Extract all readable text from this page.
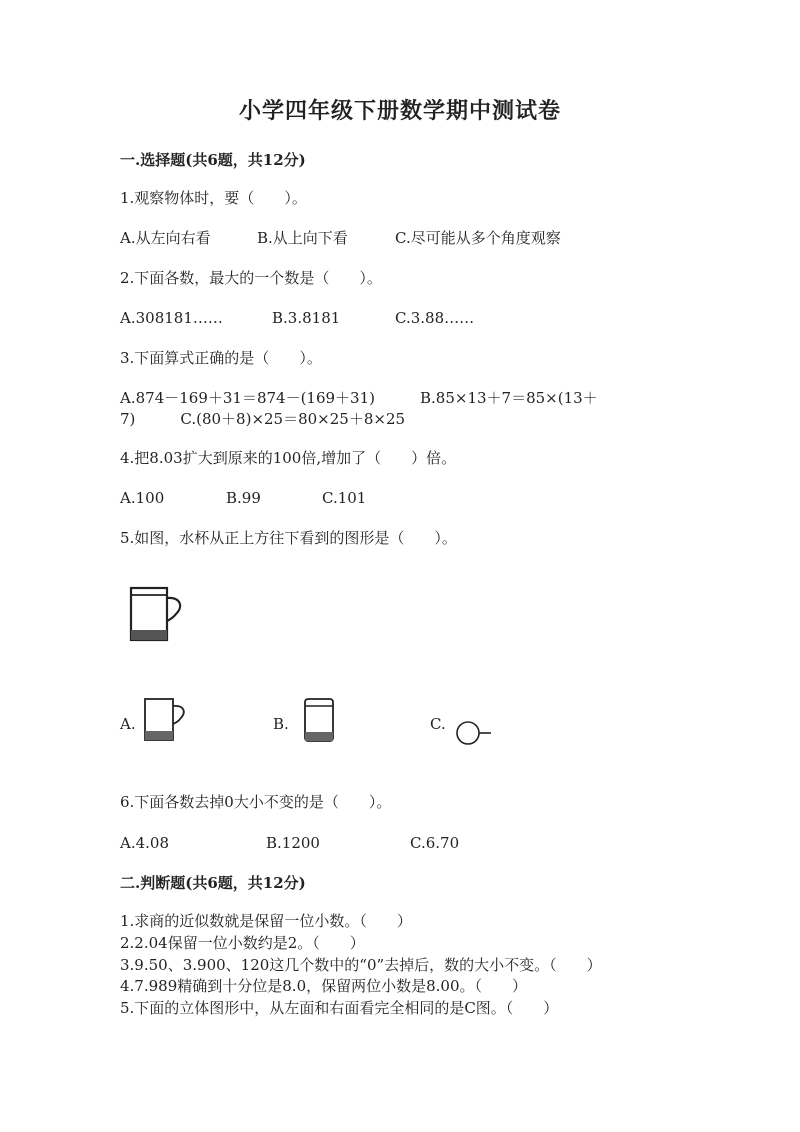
小学四年级下册数学期中测试卷
一.选择题(共6题，共12分)
1.观察物体时，要（　　）。
A.从左向右看	B.从上向下看	C.尽可能从多个角度观察
2.下面各数，最大的一个数是（　　）。
A.308181……	B.3.8181	C.3.88……
3.下面算式正确的是（　　）。
A.874－169＋31＝874－(169＋31)　　　B.85×13＋7＝85×(13＋
7)　　　C.(80＋8)×25＝80×25＋8×25
4.把8.03扩大到原来的100倍,增加了（　　）倍。
A.100	B.99	C.101
5.如图，水杯从正上方往下看到的图形是（　　）。
A.	B.	C.
6.下面各数去掉0大小不变的是（　　）。
A.4.08	B.1200	C.6.70
二.判断题(共6题，共12分)
1.求商的近似数就是保留一位小数。（　　）
2.2.04保留一位小数约是2。（　　）
3.9.50、3.900、120这几个数中的“0”去掉后，数的大小不变。（　　）
4.7.989精确到十分位是8.0，保留两位小数是8.00。（　　）
5.下面的立体图形中，从左面和右面看完全相同的是C图。（　　）
